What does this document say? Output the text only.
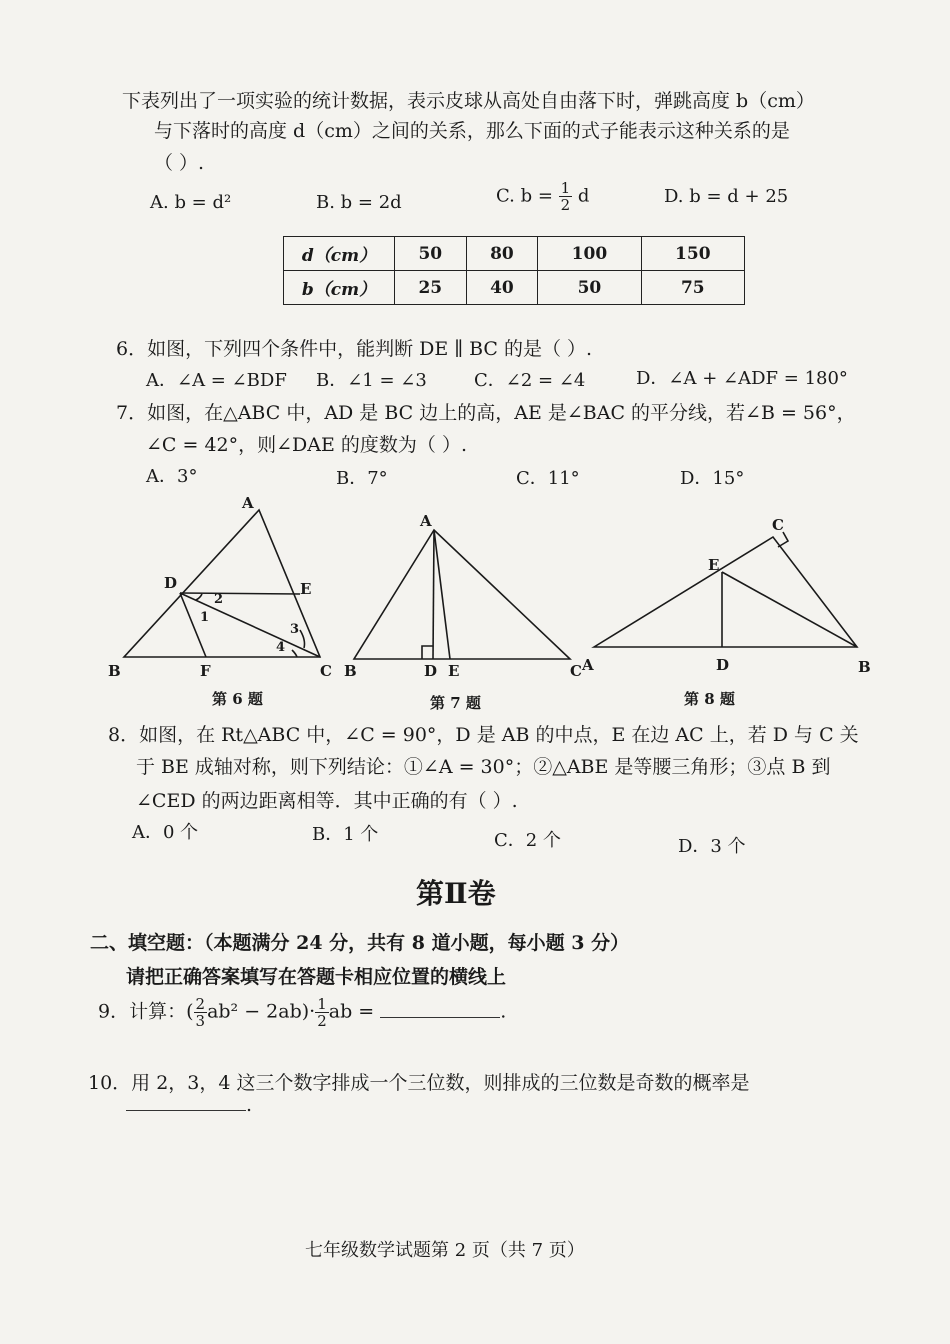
下表列出了一项实验的统计数据，表示皮球从高处自由落下时，弹跳高度 b（cm）
与下落时的高度 d（cm）之间的关系，那么下面的式子能表示这种关系的是
（ ）.
A. b = d²	B. b = 2d	C. $b = \frac{1}{2}$ d	D. b = d + 25
d（cm）	50	80	100	150
b（cm）	25	40	50	75
6．如图，下列四个条件中，能判断 DE ∥ BC 的是（ ）.
A．∠A = ∠BDF B．∠1 = ∠3	C．∠2 = ∠4	D．∠A + ∠ADF = 180°
7．如图，在△ABC 中，AD 是 BC 边上的高，AE 是∠BAC 的平分线，若∠B = 56°，
∠C = 42°，则∠DAE 的度数为（ ）.
A．3°	B．7°	C．11°	D．15°
A
D	E
B	F	C
1
2
3
4
第 6 题
A
B	D E	C
第 7 题
C
E
A	D	B
第 8 题
8．如图，在 Rt△ABC 中，∠C = 90°，D 是 AB 的中点，E 在边 AC 上，若 D 与 C 关
于 BE 成轴对称，则下列结论：①∠A = 30°；②△ABE 是等腰三角形；③点 B 到
∠CED 的两边距离相等．其中正确的有（ ）.
A．0 个	B．1 个	C．2 个	D．3 个
第Ⅱ卷
二、填空题：（本题满分 24 分，共有 8 道小题，每小题 3 分）
请把正确答案填写在答题卡相应位置的横线上
9．计算：( $\frac{2}{3} ab^2 - 2ab)\cdot \frac{1}{2}$ ab =	.
10．用 2，3，4 这三个数字排成一个三位数，则排成的三位数是奇数的概率是
.
七年级数学试题第 2 页（共 7 页）
